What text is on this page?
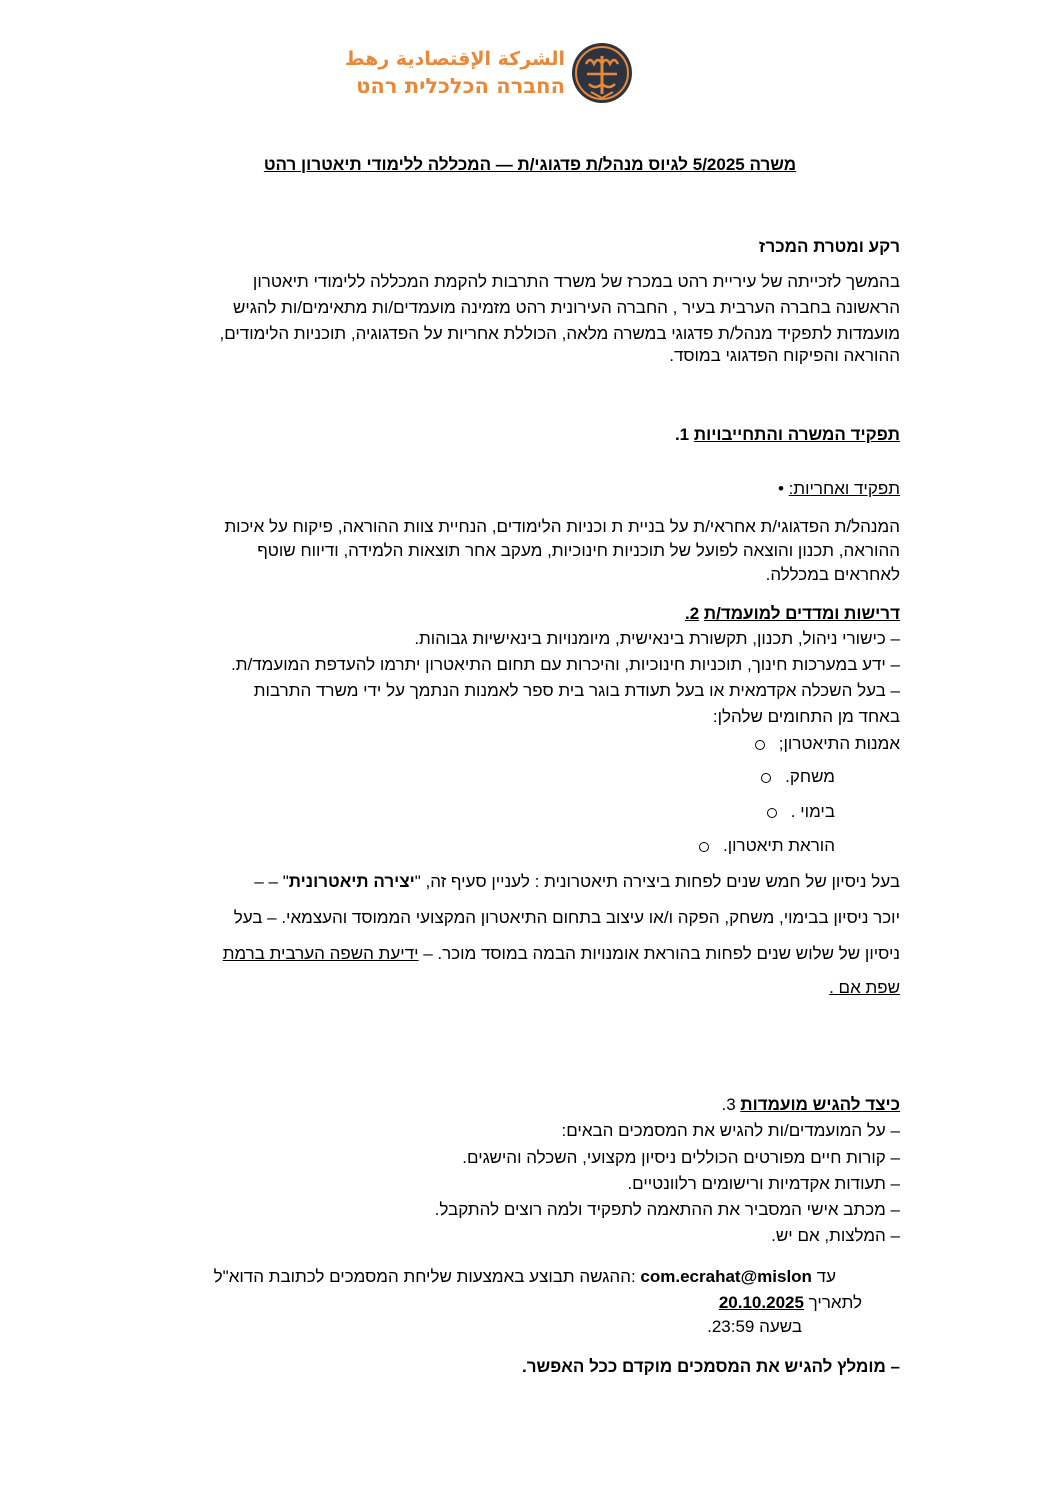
الشركة الإقتصادية رهط
החברה הכלכלית רהט
משרה 5/2025 לגיוס מנהל/ת פדגוגי/ת — המכללה ללימודי תיאטרון רהט
רקע ומטרת המכרז
בהמשך לזכייתה של עיריית רהט במכרז של משרד התרבות להקמת המכללה ללימודי תיאטרון
הראשונה בחברה הערבית בעיר , החברה העירונית רהט מזמינה מועמדים/ות מתאימים/ות להגיש
מועמדות לתפקיד מנהל/ת פדגוגי במשרה מלאה, הכוללת אחריות על הפדגוגיה, תוכניות הלימודים,
ההוראה והפיקוח הפדגוגי במוסד.
תפקיד המשרה והתחייבויות 1.
תפקיד ואחריות: •
המנהל/ת הפדגוגי/ת אחראי/ת על בניית ת וכניות הלימודים, הנחיית צוות ההוראה, פיקוח על איכות
ההוראה, תכנון והוצאה לפועל של תוכניות חינוכיות, מעקב אחר תוצאות הלמידה, ודיווח שוטף
לאחראים במכללה.
דרישות ומדדים למועמד/ת 2.
– כישורי ניהול, תכנון, תקשורת בינאישית, מיומנויות בינאישיות גבוהות.
– ידע במערכות חינוך, תוכניות חינוכיות, והיכרות עם תחום התיאטרון יתרמו להעדפת המועמד/ת.
– בעל השכלה אקדמאית או בעל תעודת בוגר בית ספר לאמנות הנתמך על ידי משרד התרבות
באחד מן התחומים שלהלן:
אמנות התיאטרון;
משחק.
בימוי .
הוראת תיאטרון.
בעל ניסיון של חמש שנים לפחות ביצירה תיאטרונית : לעניין סעיף זה, "יצירה תיאטרונית" – –
יוכר ניסיון בבימוי, משחק, הפקה ו/או עיצוב בתחום התיאטרון המקצועי הממוסד והעצמאי. – בעל
ניסיון של שלוש שנים לפחות בהוראת אומנויות הבמה במוסד מוכר. – ידיעת השפה הערבית ברמת
שפת אם .
כיצד להגיש מועמדות 3.
– על המועמדים/ות להגיש את המסמכים הבאים:
– קורות חיים מפורטים הכוללים ניסיון מקצועי, השכלה והישגים.
– תעודות אקדמיות ורישומים רלוונטיים.
– מכתב אישי המסביר את ההתאמה לתפקיד ולמה רוצים להתקבל.
– המלצות, אם יש.
עד com.ecrahat@mislon :ההגשה תבוצע באמצעות שליחת המסמכים לכתובת הדוא"ל
לתאריך 20.10.2025
בשעה 23:59.
– מומלץ להגיש את המסמכים מוקדם ככל האפשר.
